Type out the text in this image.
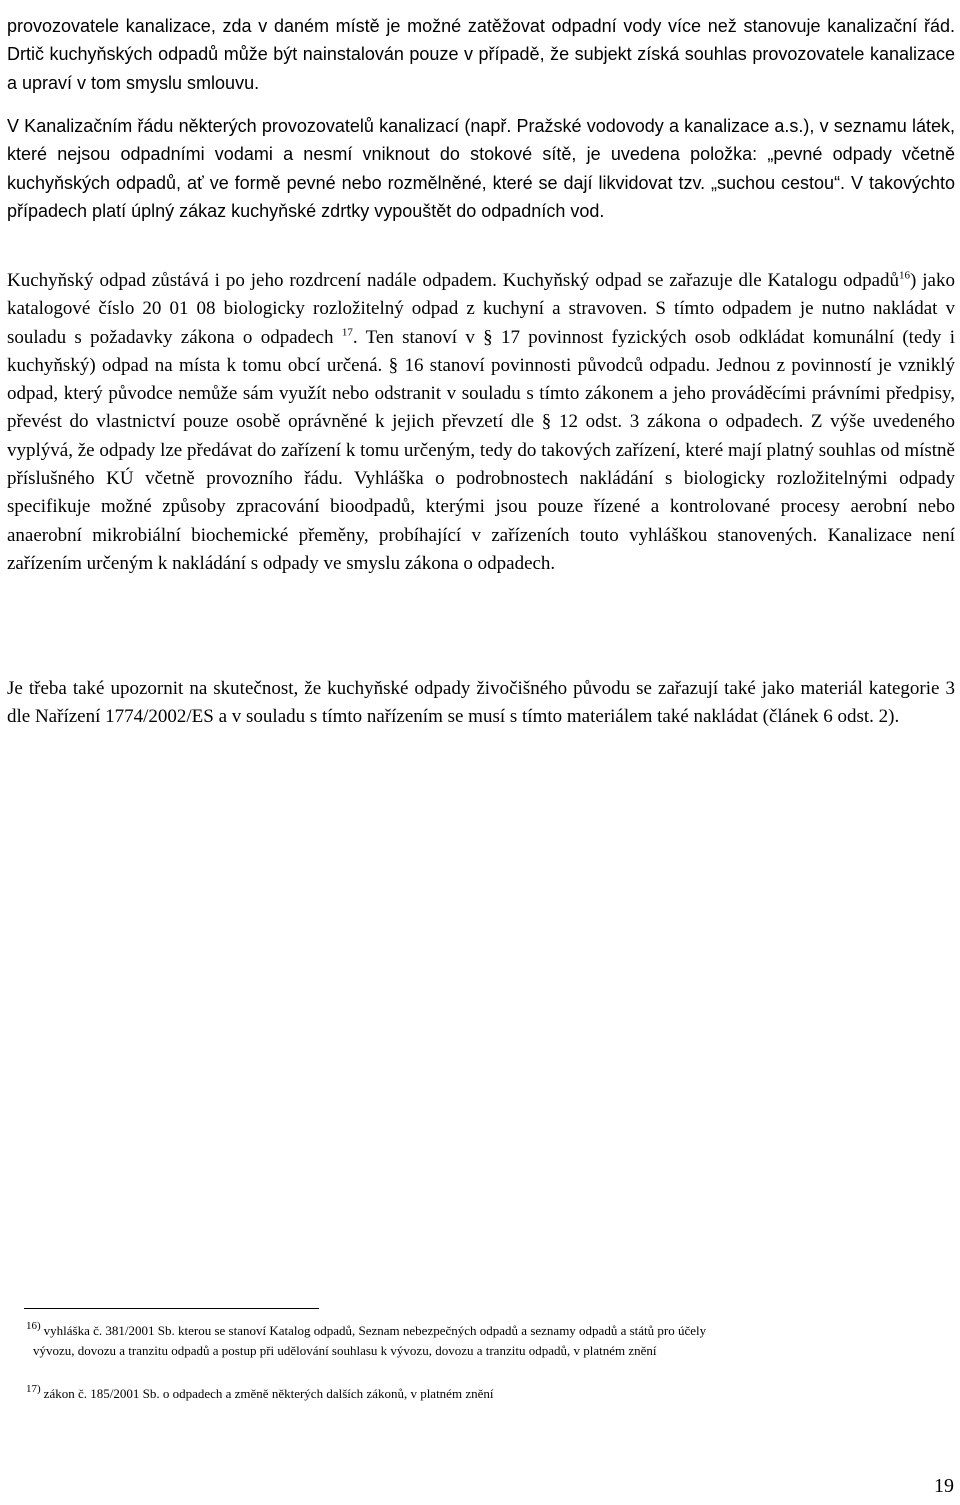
provozovatele kanalizace, zda v daném místě je možné zatěžovat odpadní vody více než stanovuje kanalizační řád. Drtič kuchyňských odpadů může být nainstalován pouze v případě, že subjekt získá souhlas provozovatele kanalizace a upraví v tom smyslu smlouvu.

V Kanalizačním řádu některých provozovatelů kanalizací (např. Pražské vodovody a kanalizace a.s.), v seznamu látek, které nejsou odpadními vodami a nesmí vniknout do stokové sítě, je uvedena položka: „pevné odpady včetně kuchyňských odpadů, ať ve formě pevné nebo rozmělněné, které se dají likvidovat tzv. „suchou cestou“. V takovýchto případech platí úplný zákaz kuchyňské zdrtky vypouštět do odpadních vod.

Kuchyňský odpad zůstává i po jeho rozdrcení nadále odpadem. Kuchyňský odpad se zařazuje dle Katalogu odpadů$^{16}$) jako katalogové číslo 20 01 08 biologicky rozložitelný odpad z kuchyní a stravoven. S tímto odpadem je nutno nakládat v souladu s požadavky zákona o odpadech $^{17}$. Ten stanoví v § 17 povinnost fyzických osob odkládat komunální (tedy i kuchyňský) odpad na místa k tomu obcí určená. § 16 stanoví povinnosti původců odpadu. Jednou z povinností je vzniklý odpad, který původce nemůže sám využít nebo odstranit v souladu s tímto zákonem a jeho prováděcími právními předpisy, převést do vlastnictví pouze osobě oprávněné k jejich převzetí dle § 12 odst. 3 zákona o odpadech. Z výše uvedeného vyplývá, že odpady lze předávat do zařízení k tomu určeným, tedy do takových zařízení, které mají platný souhlas od místně příslušného KÚ včetně provozního řádu. Vyhláška o podrobnostech nakládání s biologicky rozložitelnými odpady specifikuje možné způsoby zpracování bioodpadů, kterými jsou pouze řízené a kontrolované procesy aerobní nebo anaerobní mikrobiální biochemické přeměny, probíhající v zařízeních touto vyhláškou stanovených. Kanalizace není zařízením určeným k nakládání s odpady ve smyslu zákona o odpadech.

Je třeba také upozornit na skutečnost, že kuchyňské odpady živočišného původu se zařazují také jako materiál kategorie 3 dle Nařízení 1774/2002/ES a v souladu s tímto nařízením se musí s tímto materiálem také nakládat (článek 6 odst. 2).

$^{16)}$ vyhláška č. 381/2001 Sb. kterou se stanoví Katalog odpadů, Seznam nebezpečných odpadů a seznamy odpadů a států pro účely vývozu, dovozu a tranzitu odpadů a postup při udělování souhlasu k vývozu, dovozu a tranzitu odpadů, v platném znění
$^{17)}$ zákon č. 185/2001 Sb. o odpadech a změně některých dalších zákonů, v platném znění
19
